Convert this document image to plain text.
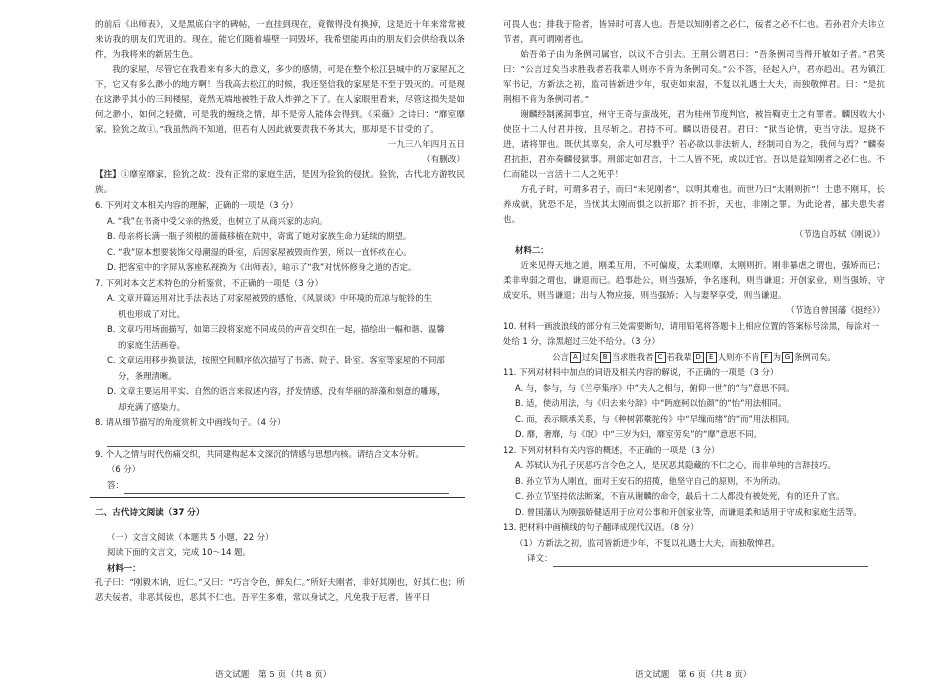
的前后《出师表》，又是黑底白字的碑帖，一直挂到现在，竟微得没有换掉，这是近十年来常常被来访我的朋友们咒诅的。现在，能它们随着墙壁一同毁坏，我希望能再由的朋友们会供给我以条件，为我将来的新居生色。

我的家屋，尽管它在我看来有多大的意义，多少的感情，可是在整个松江县城中的万家屋瓦之下，它又有多么渺小的地方啊！当我高去松江的时候，我还坚信我的家屋是不至于毁灭的。可是现在这渺乎其小的三间楼屋，竟然无端地被牲于敌人炸弹之下了。在人家眼里看来，尽管这损失是如何之渺小，如何之轻微，可是我的缠绕之情，却不是旁人能体会得到。《采薇》之诗曰：“靡室靡家，猃狁之故①。”我虽然尚不知道，但若有人因此就要责我不务其大，那却是不甘受的了。

一九三八年四月五日

（有删改）

【注】①靡室靡家，猃狁之故：没有正常的家庭生活，是因为猃狁的侵扰。猃狁，古代北方游牧民族。

6. 下列对文本相关内容的理解，正确的一项是（3 分）

A. “我”在书斋中受父亲的热爱，也树立了从商兴家的志向。

B. 母亲将长满一瓶子须根的蔷薇移植在院中，寄寓了她对家族生命力延续的期望。

C. “我”原本想要装饰父母潮湿的卧室，后因家屋被毁而作罢，所以一直怀疚在心。

D. 把客室中的字屏从客座私视换为《出师表》，暗示了“我”对忧怀修身之道的否定。

7. 下列对本文艺术特色的分析鉴赏，不正确的一项是（3 分）

A. 文章开篇运用对比手法表达了对家屋被毁的感怆，《风景谈》中环境的荒凉与鸵铃的生

机也形成了对比。

B. 文章巧用场面描写，如第三段将家庭不同成员的声音交织在一起，描绘出一幅和谐、温馨

的家庭生活画卷。

C. 文章运用移步换景法，按照空间顺序依次描写了书斋、院子、卧室、客室等家屋的不同部

分，条理清晰。

D. 文章主要运用平实、自然的语言来叙述内容，抒发情感，没有华丽的辞藻和刻意的雕琢，

却充满了感染力。

8. 请从细节描写的角度赏析文中画线句子。（4 分）

9. 个人之情与时代伤痛交织，共同建构起本文深沉的情感与思想内核。请结合文本分析。

（6 分）

答：

二、古代诗文阅读（37 分）

（一）文言文阅读（本题共 5 小题，22 分）

阅读下面的文言文，完成 10～14 题。

材料一：

孔子曰：“刚毅木讷，近仁。”又曰：“巧言令色，鲜矣仁。”所好夫刚者，非好其刚也，好其仁也；所恶夫佞者，非恶其佞也，恶其不仁也。吾平生多难，常以身试之，凡免我于厄者，皆平日

语文试题　第 5 页（共 8 页）

可畏人也；排我于险者，皆异时可喜人也。吾是以知刚者之必仁，佞者之必不仁也。若孙君介夫讳立节者，真可谓刚者也。

始吾弟子由为条例司属官，以议不合引去。王荆公谓君曰：“吾条例司当得开敏如子者。”君笑曰：“公言过矣当求胜我者若我辈人则亦不肯为条例司矣。”公不答，径起入户，君亦趋出。君为镇江军书记，方新法之初，监司皆新进少年，驭吏如束湿，不复以礼遇士大夫，而独敬惮君。曰：“是抗荆相不肯为条例司者。”

谢麟经制溪洞事宜，州守王奇与蛮战死，君为桂州节度判官，被旨鞫吏士之有罪者。麟因收大小使臣十二人付君并按，且尽斩之。君持不可。麟以语侵君。君曰：“狱当论情，吏当守法。逗挠不进，诸将罪也。既伏其辜矣，余人可尽戮乎？若必欲以非法斩人，经制司自为之，我何与焉？”麟奏君抗拒，君亦奏麟侵狱事。刑部定如君言，十二人皆不死，或以迁官。吾以是益知刚者之必仁也。不仁而能以一言活十二人之死乎！

方孔子时，可谓多君子，而曰“未见刚者”，以明其难也。而世乃曰“太刚则折”！士患不刚耳，长养成就，犹恐不足，当忧其太刚而惧之以折耶？折不折，天也，非刚之罪。为此论者，鄙夫患失者也。

（节选自苏轼《刚说》）

材料二：

近来见得天地之道，刚柔互用，不可偏废，太柔则靡，太刚则折。刚非暴虐之谓也，强矫而已；柔非卑弱之谓也，谦退而已。趋事赴公，则当强矫，争名逐利，则当谦退；开创家业，则当强矫，守成安乐，则当谦退；出与人物应接，则当强矫；入与妻孥享受，则当谦退。

（节选自曾国藩《挺经》）

10. 材料一画波浪线的部分有三处需要断句，请用铅笔将答题卡上相应位置的答案标号涂黑，每涂对一处给 1 分，涂黑超过三处不给分。（3 分）

公言 A 过矣 B 当求胜我者 C 若我辈 D E 人则亦不肯 F 为 G 条例司矣。

11. 下列对材料中加点的词语及相关内容的解说，不正确的一项是（3 分）

A. 与，参与，与《兰亭集序》中“夫人之相与，俯仰一世”的“与”意思不同。

B. 适，使动用法，与《归去来兮辞》中“眄庭柯以怡颜”的“怡”用法相同。

C. 而，表示顺承关系，与《种树郭橐驼传》中“早缫而绪”的“而”用法相同。

D. 靡，奢靡，与《氓》中“三岁为妇，靡室劳矣”的“靡”意思不同。

12. 下列对材料有关内容的概述，不正确的一项是（3 分）

A. 苏轼认为孔子厌恶巧言令色之人，是厌恶其隐藏的不仁之心，而非单纯的言辞技巧。

B. 孙立节为人刚直，面对王安石的招揽，他坚守自己的原则，不为所动。

C. 孙立节坚持依法断案，不盲从谢麟的命令，最后十二人都没有被处死，有的还升了官。

D. 曾国藩认为刚强娇健适用于应对公事和开创家业等，而谦退柔和适用于守成和家庭生活等。

13. 把材料中画横线的句子翻译成现代汉语。（8 分）

（1）方新法之初，监司皆新进少年，不复以礼遇士大夫，而独敬惮君。

译文：
语文试题　第 6 页（共 8 页）
